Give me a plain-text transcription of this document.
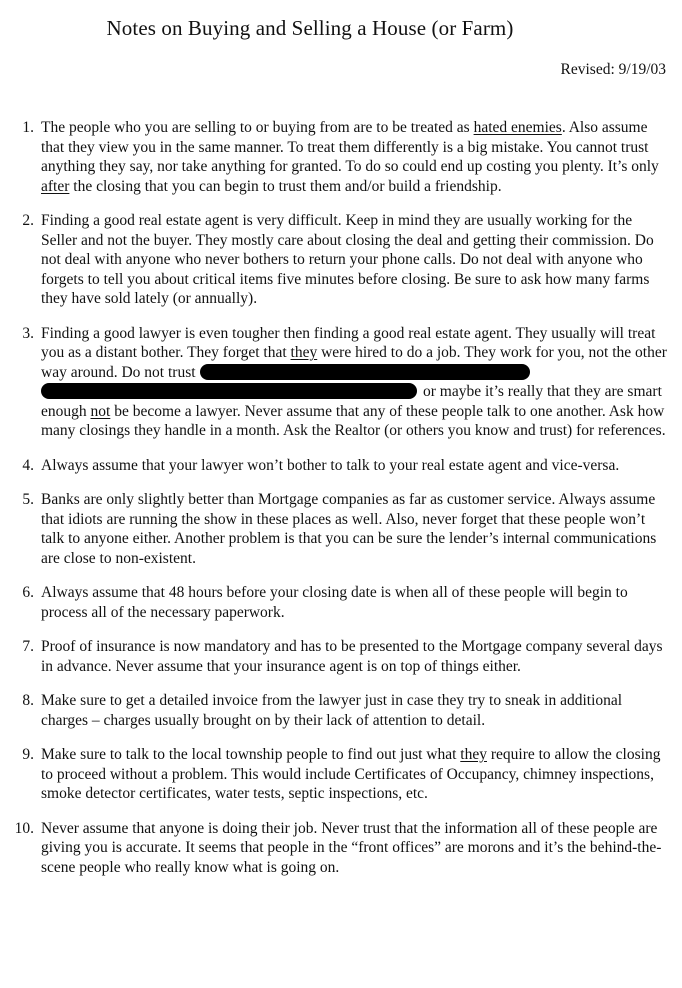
Notes on Buying and Selling a House (or Farm)
Revised: 9/19/03
1. The people who you are selling to or buying from are to be treated as hated enemies. Also assume that they view you in the same manner. To treat them differently is a big mistake. You cannot trust anything they say, nor take anything for granted. To do so could end up costing you plenty. It’s only after the closing that you can begin to trust them and/or build a friendship.
2. Finding a good real estate agent is very difficult. Keep in mind they are usually working for the Seller and not the buyer. They mostly care about closing the deal and getting their commission. Do not deal with anyone who never bothers to return your phone calls. Do not deal with anyone who forgets to tell you about critical items five minutes before closing. Be sure to ask how many farms they have sold lately (or annually).
3. Finding a good lawyer is even tougher then finding a good real estate agent. They usually will treat you as a distant bother. They forget that they were hired to do a job. They work for you, not the other way around. Do not trust or maybe it’s really that they are smart enough not be become a lawyer. Never assume that any of these people talk to one another. Ask how many closings they handle in a month. Ask the Realtor (or others you know and trust) for references.
4. Always assume that your lawyer won’t bother to talk to your real estate agent and vice-versa.
5. Banks are only slightly better than Mortgage companies as far as customer service. Always assume that idiots are running the show in these places as well. Also, never forget that these people won’t talk to anyone either. Another problem is that you can be sure the lender’s internal communications are close to non-existent.
6. Always assume that 48 hours before your closing date is when all of these people will begin to process all of the necessary paperwork.
7. Proof of insurance is now mandatory and has to be presented to the Mortgage company several days in advance. Never assume that your insurance agent is on top of things either.
8. Make sure to get a detailed invoice from the lawyer just in case they try to sneak in additional charges – charges usually brought on by their lack of attention to detail.
9. Make sure to talk to the local township people to find out just what they require to allow the closing to proceed without a problem. This would include Certificates of Occupancy, chimney inspections, smoke detector certificates, water tests, septic inspections, etc.
10. Never assume that anyone is doing their job. Never trust that the information all of these people are giving you is accurate. It seems that people in the “front offices” are morons and it’s the behind-the-scene people who really know what is going on.
